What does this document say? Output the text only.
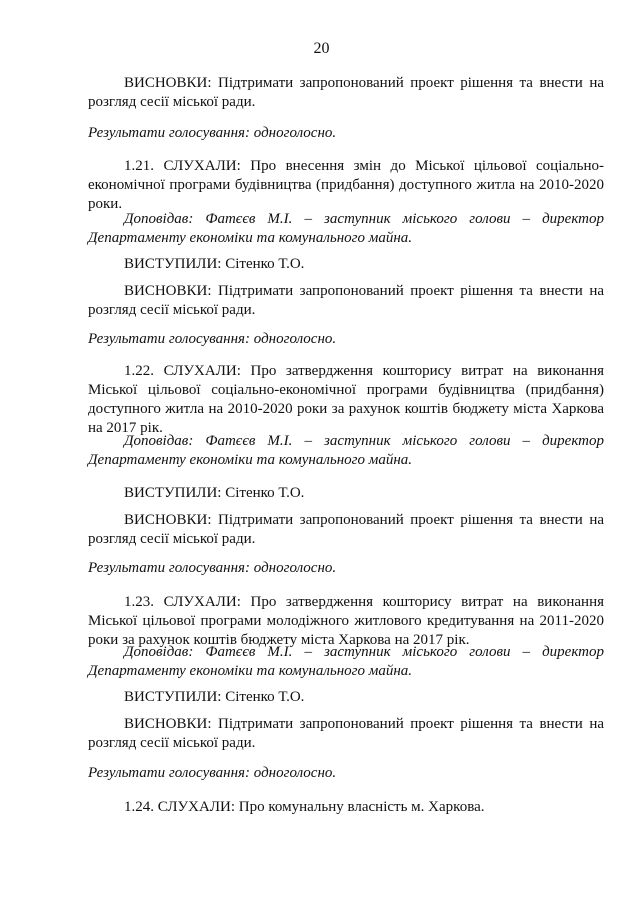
20

ВИСНОВКИ: Підтримати запропонований проект рішення та внести на розгляд сесії міської ради.

Результати голосування: одноголосно.

1.21. СЛУХАЛИ: Про внесення змін до Міської цільової соціально-економічної програми будівництва (придбання) доступного житла на 2010-2020 роки.

Доповідав: Фатєєв М.І. – заступник міського голови – директор Департаменту економіки та комунального майна.

ВИСТУПИЛИ: Сітенко Т.О.

ВИСНОВКИ: Підтримати запропонований проект рішення та внести на розгляд сесії міської ради.

Результати голосування: одноголосно.

1.22. СЛУХАЛИ: Про затвердження кошторису витрат на виконання Міської цільової соціально-економічної програми будівництва (придбання) доступного житла на 2010-2020 роки за рахунок коштів бюджету міста Харкова на 2017 рік.

Доповідав: Фатєєв М.І. – заступник міського голови – директор Департаменту економіки та комунального майна.

ВИСТУПИЛИ: Сітенко Т.О.

ВИСНОВКИ: Підтримати запропонований проект рішення та внести на розгляд сесії міської ради.

Результати голосування: одноголосно.

1.23. СЛУХАЛИ: Про затвердження кошторису витрат на виконання Міської цільової програми молодіжного житлового кредитування на 2011-2020 роки за рахунок коштів бюджету міста Харкова на 2017 рік.

Доповідав: Фатєєв М.І. – заступник міського голови – директор Департаменту економіки та комунального майна.

ВИСТУПИЛИ: Сітенко Т.О.

ВИСНОВКИ: Підтримати запропонований проект рішення та внести на розгляд сесії міської ради.

Результати голосування: одноголосно.

1.24. СЛУХАЛИ: Про комунальну власність м. Харкова.
